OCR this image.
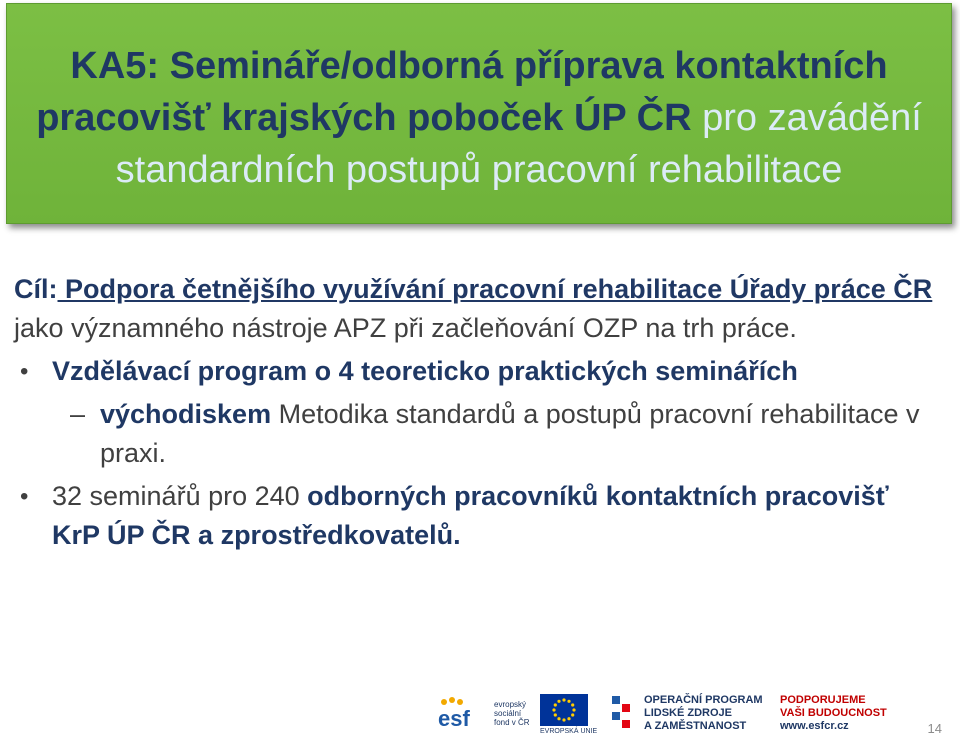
KA5: Semináře/odborná příprava kontaktních
pracovišť krajských poboček ÚP ČR pro zavádění
standardních postupů pracovní rehabilitace
Cíl: Podpora četnějšího využívání pracovní rehabilitace Úřady práce ČR jako významného nástroje APZ při začleňování OZP na trh práce.
• Vzdělávací program o 4 teoreticko praktických seminářích
– východiskem Metodika standardů a postupů pracovní rehabilitace v praxi.
• 32 seminářů pro 240 odborných pracovníků kontaktních pracovišť KrP ÚP ČR a zprostředkovatelů.
esf
evropský sociální fond v ČR
EVROPSKÁ UNIE
OPERAČNÍ PROGRAM
LIDSKÉ ZDROJE
A ZAMĚSTNANOST
PODPORUJEME
VAŠI BUDOUCNOST
www.esfcr.cz	14
